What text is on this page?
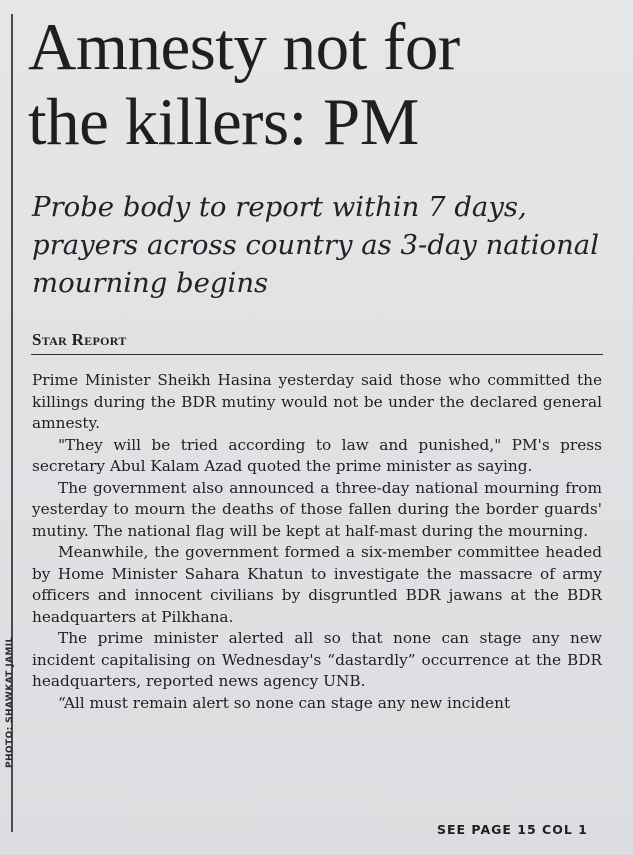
PHOTO: SHAWKAT JAMIL
Amnesty not for
the killers: PM

Probe body to report within 7 days, prayers across country as 3-day national mourning begins

Star Report

Prime Minister Sheikh Hasina yesterday said those who committed the killings during the BDR mutiny would not be under the declared general amnesty.

"They will be tried according to law and punished," PM's press secretary Abul Kalam Azad quoted the prime minister as saying.

The government also announced a three-day national mourning from yesterday to mourn the deaths of those fallen during the border guards' mutiny. The national flag will be kept at half-mast during the mourning.

Meanwhile, the government formed a six-member committee headed by Home Minister Sahara Khatun to investigate the massacre of army officers and innocent civilians by disgruntled BDR jawans at the BDR headquarters at Pilkhana.

The prime minister alerted all so that none can stage any new incident capitalising on Wednesday's “dastardly” occurrence at the BDR headquarters, reported news agency UNB.

“All must remain alert so none can stage any new incident

SEE PAGE 15 COL 1
